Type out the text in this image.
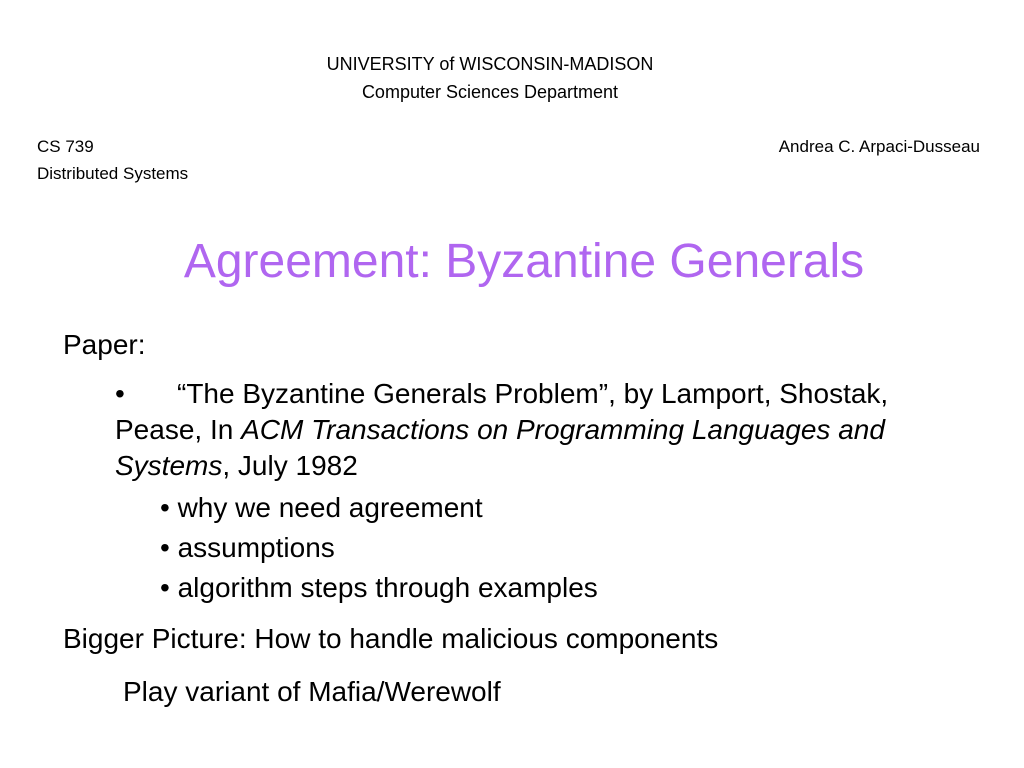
UNIVERSITY of WISCONSIN-MADISON
Computer Sciences Department
CS 739
Distributed Systems
Andrea C. Arpaci-Dusseau
Agreement: Byzantine Generals
Paper:
• “The Byzantine Generals Problem”, by Lamport, Shostak, Pease, In ACM Transactions on Programming Languages and Systems, July 1982
• why we need agreement
• assumptions
• algorithm steps through examples
Bigger Picture: How to handle malicious components
Play variant of Mafia/Werewolf
